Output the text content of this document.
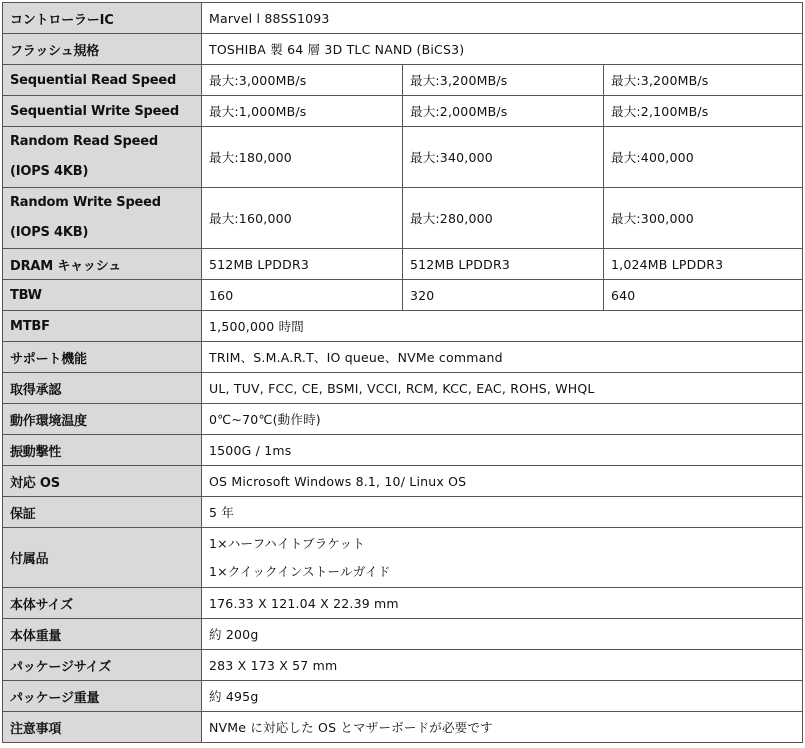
コントローラーIC	Marvel l 88SS1093		
フラッシュ規格	TOSHIBA 製 64 層 3D TLC NAND (BiCS3)		
Sequential Read Speed	最大:3,000MB/s	最大:3,200MB/s	最大:3,200MB/s
Sequential Write Speed	最大:1,000MB/s	最大:2,000MB/s	最大:2,100MB/s

Random Read Speed
(IOPS 4KB)	最大:180,000	最大:340,000	最大:400,000

Random Write Speed
(IOPS 4KB)	最大:160,000	最大:280,000	最大:300,000
DRAM キャッシュ	512MB LPDDR3	512MB LPDDR3	1,024MB LPDDR3
TBW	160	320	640
MTBF	1,500,000 時間		
サポート機能	TRIM、S.M.A.R.T、IO queue、NVMe command		
取得承認	UL, TUV, FCC, CE, BSMI, VCCI, RCM, KCC, EAC, ROHS, WHQL		
動作環境温度	0℃~70℃(動作時)		
振動撃性	1500G / 1ms		
対応 OS	OS Microsoft Windows 8.1, 10/ Linux OS		
保証	5 年		
付属品	1×ハーフハイトブラケット
1×クイックインストールガイド		

本体サイズ	176.33 X 121.04 X 22.39 mm		
本体重量	約 200g		
パッケージサイズ	283 X 173 X 57 mm		
パッケージ重量	約 495g		
注意事項	NVMe に対応した OS とマザーボードが必要です		
